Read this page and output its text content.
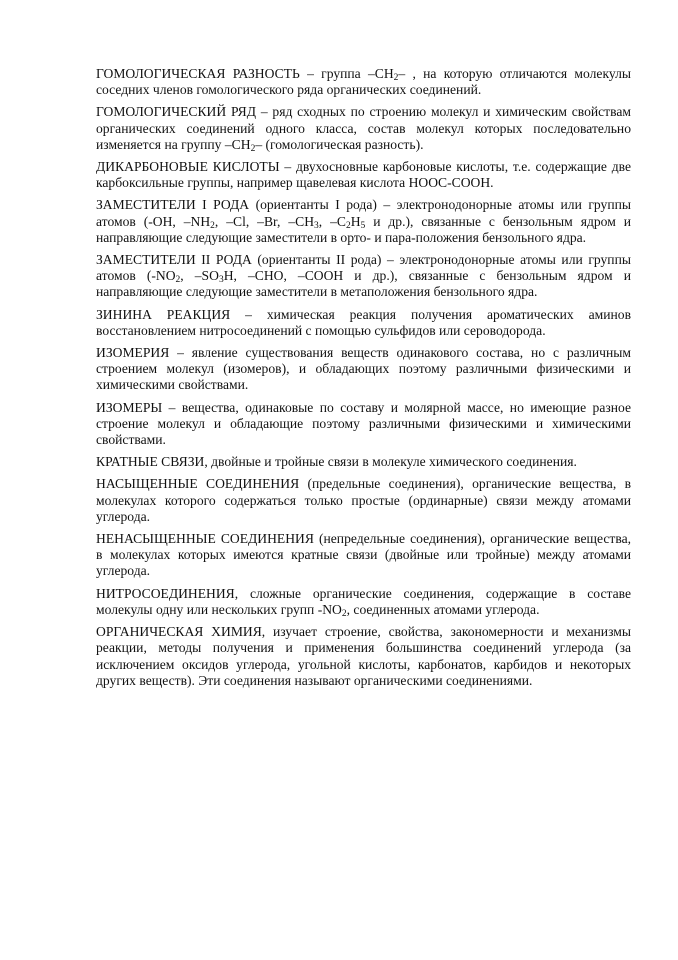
ГОМОЛОГИЧЕСКАЯ РАЗНОСТЬ – группа $-CH_2-$ , на которую отличаются молекулы соседних членов гомологического ряда органических соединений.

ГОМОЛОГИЧЕСКИЙ РЯД – ряд сходных по строению молекул и химическим свойствам органических соединений одного класса, состав молекул которых последовательно изменяется на группу $-CH_2-$ (гомологическая разность).

ДИКАРБОНОВЫЕ КИСЛОТЫ – двухосновные карбоновые кислоты, т.е. содержащие две карбоксильные группы, например щавелевая кислота HOOC-COOH.

ЗАМЕСТИТЕЛИ I РОДА (ориентанты I рода) – электронодонорные атомы или группы атомов (-OH, $-NH_2$, –Cl, –Br, $-CH_3$, $-C_2H_5$ и др.), связанные с бензольным ядром и направляющие следующие заместители в орто- и пара-положения бензольного ядра.

ЗАМЕСТИТЕЛИ II РОДА (ориентанты II рода) – электронодонорные атомы или группы атомов ($-NO_2$, $-SO_3H$, –CHO, –COOH и др.), связанные с бензольным ядром и направляющие следующие заместители в метаположения бензольного ядра.

ЗИНИНА РЕАКЦИЯ – химическая реакция получения ароматических аминов восстановлением нитросоединений с помощью сульфидов или сероводорода.

ИЗОМЕРИЯ – явление существования веществ одинакового состава, но с различным строением молекул (изомеров), и обладающих поэтому различными физическими и химическими свойствами.

ИЗОМЕРЫ – вещества, одинаковые по составу и молярной массе, но имеющие разное строение молекул и обладающие поэтому различными физическими и химическими свойствами.

КРАТНЫЕ СВЯЗИ, двойные и тройные связи в молекуле химического соединения.

НАСЫЩЕННЫЕ СОЕДИНЕНИЯ (предельные соединения), органические вещества, в молекулах которого содержаться только простые (ординарные) связи между атомами углерода.

НЕНАСЫЩЕННЫЕ СОЕДИНЕНИЯ (непредельные соединения), органические вещества, в молекулах которых имеются кратные связи (двойные или тройные) между атомами углерода.

НИТРОСОЕДИНЕНИЯ, сложные органические соединения, содержащие в составе молекулы одну или нескольких групп $-NO_2$, соединенных атомами углерода.

ОРГАНИЧЕСКАЯ ХИМИЯ, изучает строение, свойства, закономерности и механизмы реакции, методы получения и применения большинства соединений углерода (за исключением оксидов углерода, угольной кислоты, карбонатов, карбидов и некоторых других веществ). Эти соединения называют органическими соединениями.
